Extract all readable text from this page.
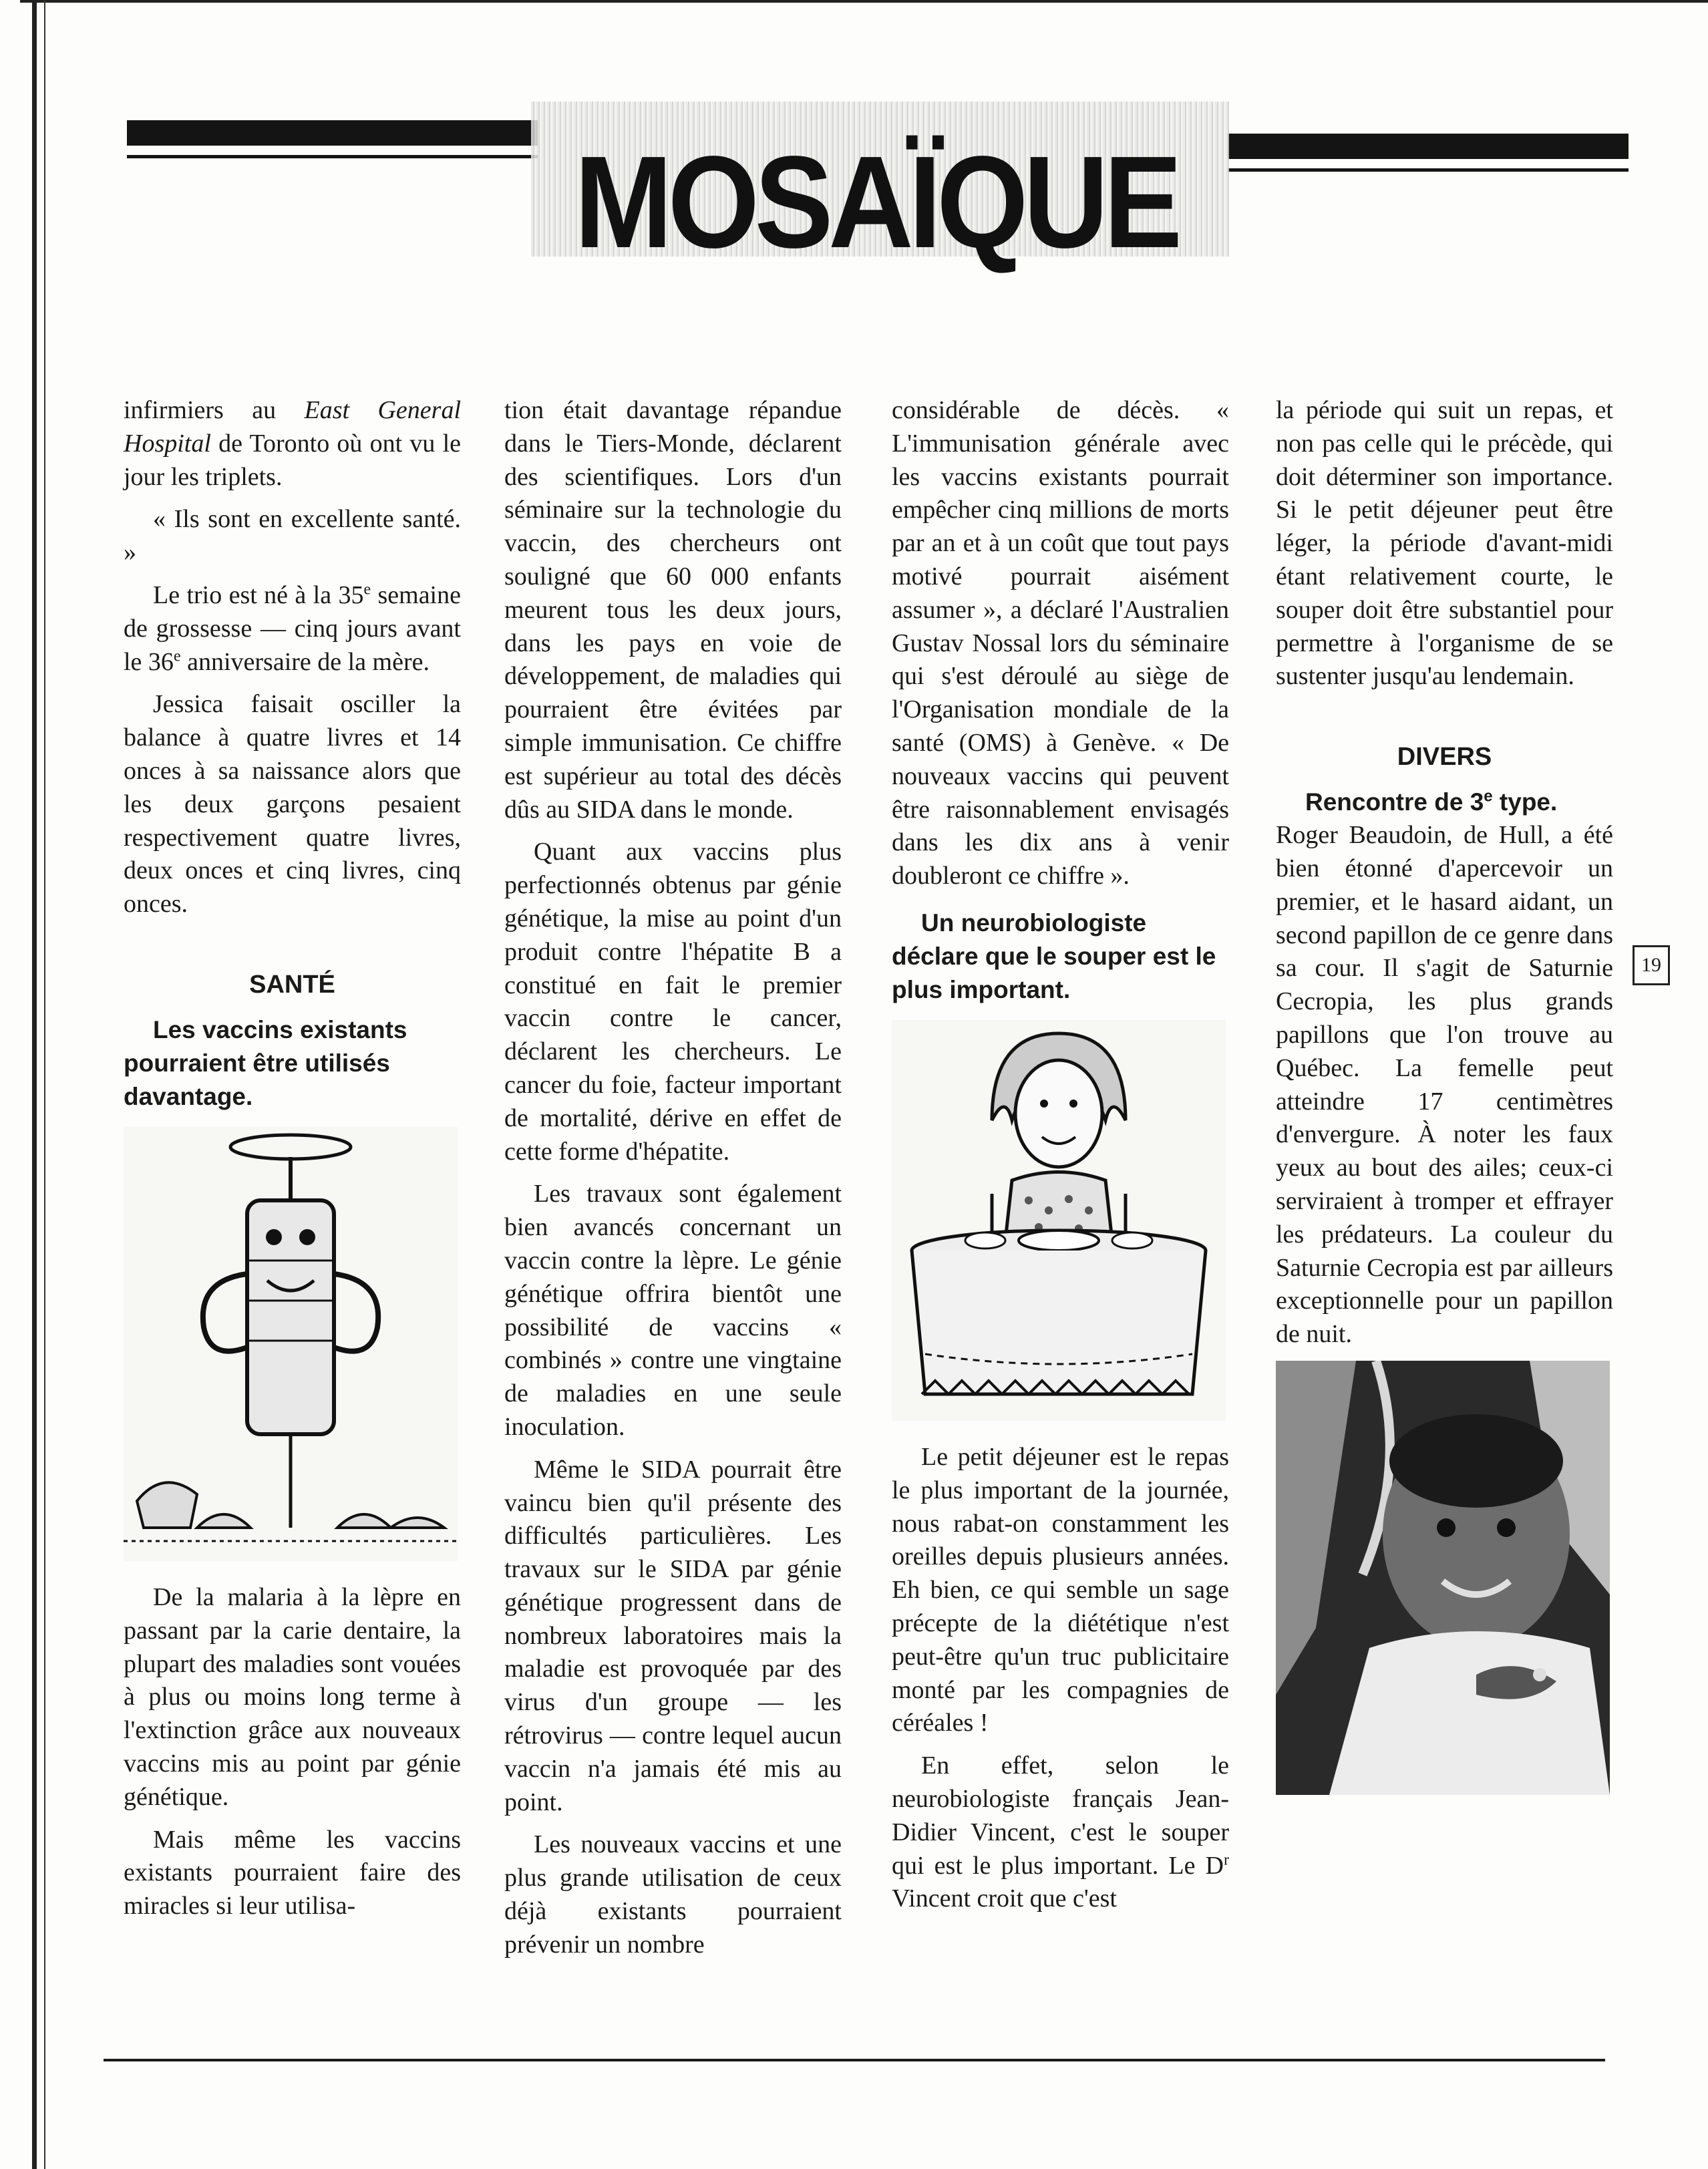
MOSAÏQUE

infirmiers au East General Hospital de Toronto où ont vu le jour les triplets.

« Ils sont en excellente santé. »

Le trio est né à la 35e semaine de grossesse — cinq jours avant le 36e anniversaire de la mère.

Jessica faisait osciller la balance à quatre livres et 14 onces à sa naissance alors que les deux garçons pesaient respectivement quatre livres, deux onces et cinq livres, cinq onces.

SANTÉ
Les vaccins existants pourraient être utilisés davantage.

De la malaria à la lèpre en passant par la carie dentaire, la plupart des maladies sont vouées à plus ou moins long terme à l'extinction grâce aux nouveaux vaccins mis au point par génie génétique.

Mais même les vaccins existants pourraient faire des miracles si leur utilisa-

tion était davantage répandue dans le Tiers-Monde, déclarent des scientifiques. Lors d'un séminaire sur la technologie du vaccin, des chercheurs ont souligné que 60 000 enfants meurent tous les deux jours, dans les pays en voie de développement, de maladies qui pourraient être évitées par simple immunisation. Ce chiffre est supérieur au total des décès dûs au SIDA dans le monde.

Quant aux vaccins plus perfectionnés obtenus par génie génétique, la mise au point d'un produit contre l'hépatite B a constitué en fait le premier vaccin contre le cancer, déclarent les chercheurs. Le cancer du foie, facteur important de mortalité, dérive en effet de cette forme d'hépatite.

Les travaux sont également bien avancés concernant un vaccin contre la lèpre. Le génie génétique offrira bientôt une possibilité de vaccins « combinés » contre une vingtaine de maladies en une seule inoculation.

Même le SIDA pourrait être vaincu bien qu'il présente des difficultés particulières. Les travaux sur le SIDA par génie génétique progressent dans de nombreux laboratoires mais la maladie est provoquée par des virus d'un groupe — les rétrovirus — contre lequel aucun vaccin n'a jamais été mis au point.

Les nouveaux vaccins et une plus grande utilisation de ceux déjà existants pourraient prévenir un nombre

considérable de décès. « L'immunisation générale avec les vaccins existants pourrait empêcher cinq millions de morts par an et à un coût que tout pays motivé pourrait aisément assumer », a déclaré l'Australien Gustav Nossal lors du séminaire qui s'est déroulé au siège de l'Organisation mondiale de la santé (OMS) à Genève. « De nouveaux vaccins qui peuvent être raisonnablement envisagés dans les dix ans à venir doubleront ce chiffre ».

Un neurobiologiste déclare que le souper est le plus important.

Le petit déjeuner est le repas le plus important de la journée, nous rabat-on constamment les oreilles depuis plusieurs années. Eh bien, ce qui semble un sage précepte de la diététique n'est peut-être qu'un truc publicitaire monté par les compagnies de céréales !

En effet, selon le neurobiologiste français Jean-Didier Vincent, c'est le souper qui est le plus important. Le $D^r$ Vincent croit que c'est

la période qui suit un repas, et non pas celle qui le précède, qui doit déterminer son importance. Si le petit déjeuner peut être léger, la période d'avant-midi étant relativement courte, le souper doit être substantiel pour permettre à l'organisme de se sustenter jusqu'au lendemain.

DIVERS
Rencontre de 3e type.

Roger Beaudoin, de Hull, a été bien étonné d'apercevoir un premier, et le hasard aidant, un second papillon de ce genre dans sa cour. Il s'agit de Saturnie Cecropia, les plus grands papillons que l'on trouve au Québec. La femelle peut atteindre 17 centimètres d'envergure. À noter les faux yeux au bout des ailes; ceux-ci serviraient à tromper et effrayer les prédateurs. La couleur du Saturnie Cecropia est par ailleurs exceptionnelle pour un papillon de nuit.

19
